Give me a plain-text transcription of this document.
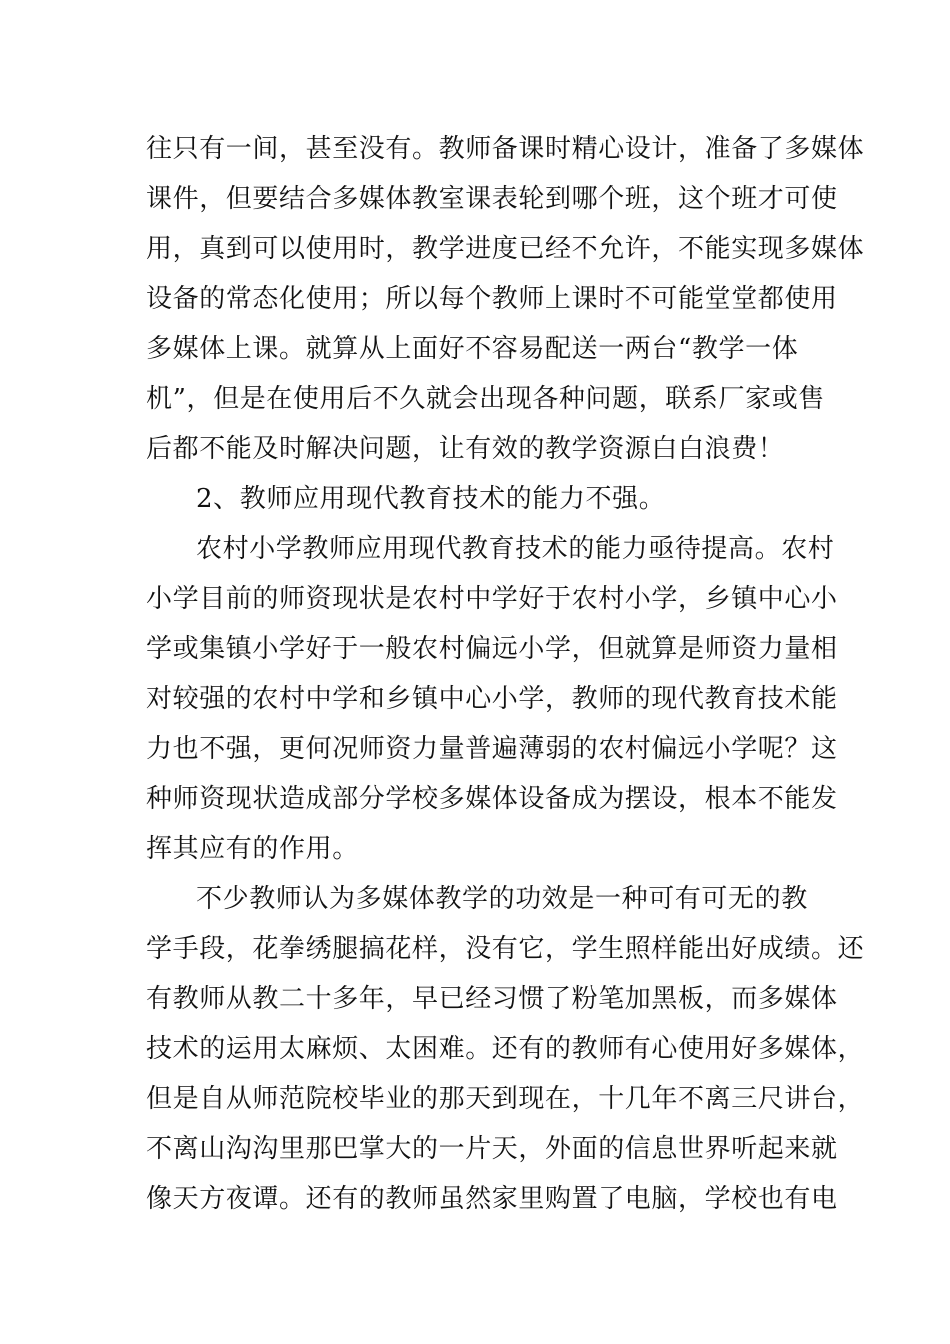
往只有一间，甚至没有。教师备课时精心设计，准备了多媒体
课件，但要结合多媒体教室课表轮到哪个班，这个班才可使
用，真到可以使用时，教学进度已经不允许，不能实现多媒体
设备的常态化使用；所以每个教师上课时不可能堂堂都使用
多媒体上课。就算从上面好不容易配送一两台“教学一体
机”，但是在使用后不久就会出现各种问题，联系厂家或售
后都不能及时解决问题，让有效的教学资源白白浪费！
2、教师应用现代教育技术的能力不强。
农村小学教师应用现代教育技术的能力亟待提高。农村
小学目前的师资现状是农村中学好于农村小学，乡镇中心小
学或集镇小学好于一般农村偏远小学，但就算是师资力量相
对较强的农村中学和乡镇中心小学，教师的现代教育技术能
力也不强，更何况师资力量普遍薄弱的农村偏远小学呢？这
种师资现状造成部分学校多媒体设备成为摆设，根本不能发
挥其应有的作用。
不少教师认为多媒体教学的功效是一种可有可无的教
学手段，花拳绣腿搞花样，没有它，学生照样能出好成绩。还
有教师从教二十多年，早已经习惯了粉笔加黑板，而多媒体
技术的运用太麻烦、太困难。还有的教师有心使用好多媒体，
但是自从师范院校毕业的那天到现在，十几年不离三尺讲台，
不离山沟沟里那巴掌大的一片天，外面的信息世界听起来就
像天方夜谭。还有的教师虽然家里购置了电脑，学校也有电
